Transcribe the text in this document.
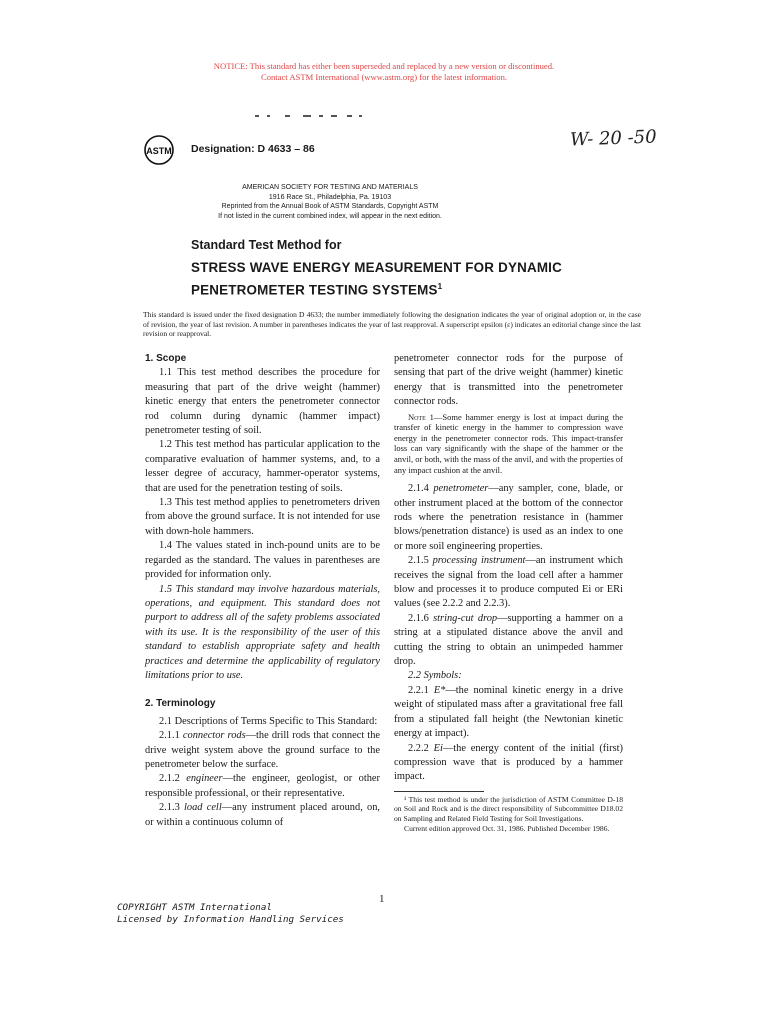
NOTICE: This standard has either been superseded and replaced by a new version or discontinued.
Contact ASTM International (www.astm.org) for the latest information.
ASTM Designation: D 4633 – 86	W- 20 -50
AMERICAN SOCIETY FOR TESTING AND MATERIALS
1916 Race St., Philadelphia, Pa. 19103
Reprinted from the Annual Book of ASTM Standards, Copyright ASTM
If not listed in the current combined index, will appear in the next edition.
Standard Test Method for
STRESS WAVE ENERGY MEASUREMENT FOR DYNAMIC
PENETROMETER TESTING SYSTEMS$^1$
This standard is issued under the fixed designation D 4633; the number immediately following the designation indicates the year of original adoption or, in the case of revision, the year of last revision. A number in parentheses indicates the year of last reapproval. A superscript epsilon (ε) indicates an editorial change since the last revision or reapproval.

1. Scope

1.1 This test method describes the procedure for measuring that part of the drive weight (hammer) kinetic energy that enters the penetrometer connector rod column during dynamic (hammer impact) penetrometer testing of soil.

1.2 This test method has particular application to the comparative evaluation of hammer systems, and, to a lesser degree of accuracy, hammer-operator systems, that are used for the penetration testing of soils.

1.3 This test method applies to penetrometers driven from above the ground surface. It is not intended for use with down-hole hammers.

1.4 The values stated in inch-pound units are to be regarded as the standard. The values in parentheses are provided for information only.

1.5 This standard may involve hazardous materials, operations, and equipment. This standard does not purport to address all of the safety problems associated with its use. It is the responsibility of the user of this standard to establish appropriate safety and health practices and determine the applicability of regulatory limitations prior to use.

2. Terminology

2.1 Descriptions of Terms Specific to This Standard:

2.1.1 connector rods—the drill rods that connect the drive weight system above the ground surface to the penetrometer below the surface.

2.1.2 engineer—the engineer, geologist, or other responsible professional, or their representative.

2.1.3 load cell—any instrument placed around, on, or within a continuous column of

penetrometer connector rods for the purpose of sensing that part of the drive weight (hammer) kinetic energy that is transmitted into the penetrometer connector rods.

Note 1—Some hammer energy is lost at impact during the transfer of kinetic energy in the hammer to compression wave energy in the penetrometer connector rods. This impact-transfer loss can vary significantly with the shape of the hammer or the anvil, or both, with the mass of the anvil, and with the properties of any impact cushion at the anvil.

2.1.4 penetrometer—any sampler, cone, blade, or other instrument placed at the bottom of the connector rods where the penetration resistance in (hammer blows/penetration distance) is used as an index to one or more soil engineering properties.

2.1.5 processing instrument—an instrument which receives the signal from the load cell after a hammer blow and processes it to produce computed Ei or ERi values (see 2.2.2 and 2.2.3).

2.1.6 string-cut drop—supporting a hammer on a string at a stipulated distance above the anvil and cutting the string to obtain an unimpeded hammer drop.

2.2 Symbols:

2.2.1 E*—the nominal kinetic energy in a drive weight of stipulated mass after a gravitational free fall from a stipulated fall height (the Newtonian kinetic energy at impact).

2.2.2 Ei—the energy content of the initial (first) compression wave that is produced by a hammer impact.

¹ This test method is under the jurisdiction of ASTM Committee D-18 on Soil and Rock and is the direct responsibility of Subcommittee D18.02 on Sampling and Related Field Testing for Soil Investigations.

Current edition approved Oct. 31, 1986. Published December 1986.

1
COPYRIGHT ASTM International
Licensed by Information Handling Services
